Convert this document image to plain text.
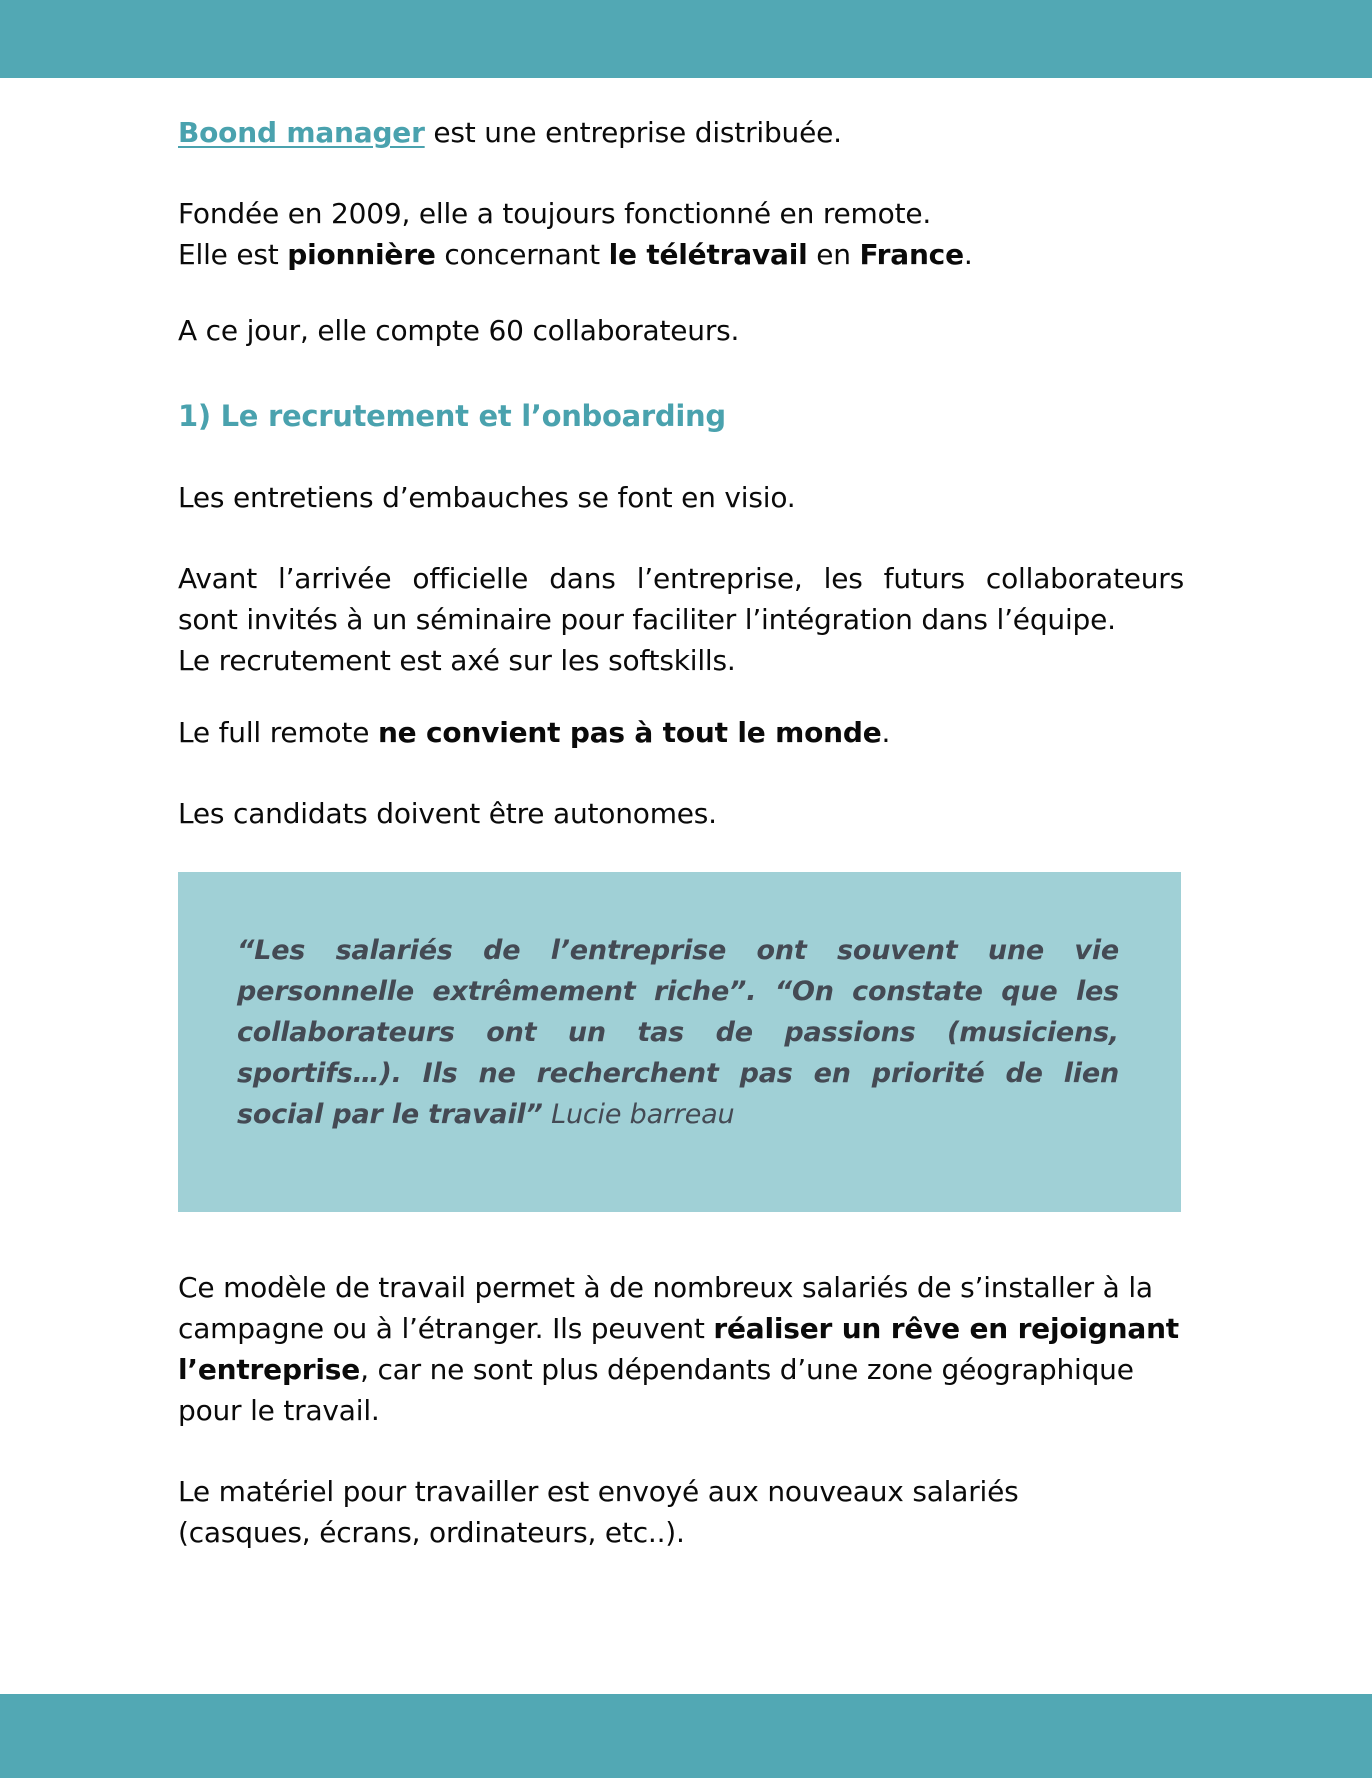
Boond manager est une entreprise distribuée.

Fondée en 2009, elle a toujours fonctionné en remote.
Elle est pionnière concernant le télétravail en France.

A ce jour, elle compte 60 collaborateurs.

1) Le recrutement et l’onboarding

Les entretiens d’embauches se font en visio.

Avant l’arrivée officielle dans l’entreprise, les futurs collaborateurs
sont invités à un séminaire pour faciliter l’intégration dans l’équipe.
Le recrutement est axé sur les softskills.

Le full remote ne convient pas à tout le monde.

Les candidats doivent être autonomes.

“Les salariés de l’entreprise ont souvent une vie personnelle extrêmement riche”. “On constate que les collaborateurs ont un tas de passions (musiciens, sportifs…). Ils ne recherchent pas en priorité de lien social par le travail” Lucie barreau

Ce modèle de travail permet à de nombreux salariés de s’installer à la campagne ou à l’étranger. Ils peuvent réaliser un rêve en rejoignant l’entreprise, car ne sont plus dépendants d’une zone géographique pour le travail.

Le matériel pour travailler est envoyé aux nouveaux salariés
(casques, écrans, ordinateurs, etc..).
